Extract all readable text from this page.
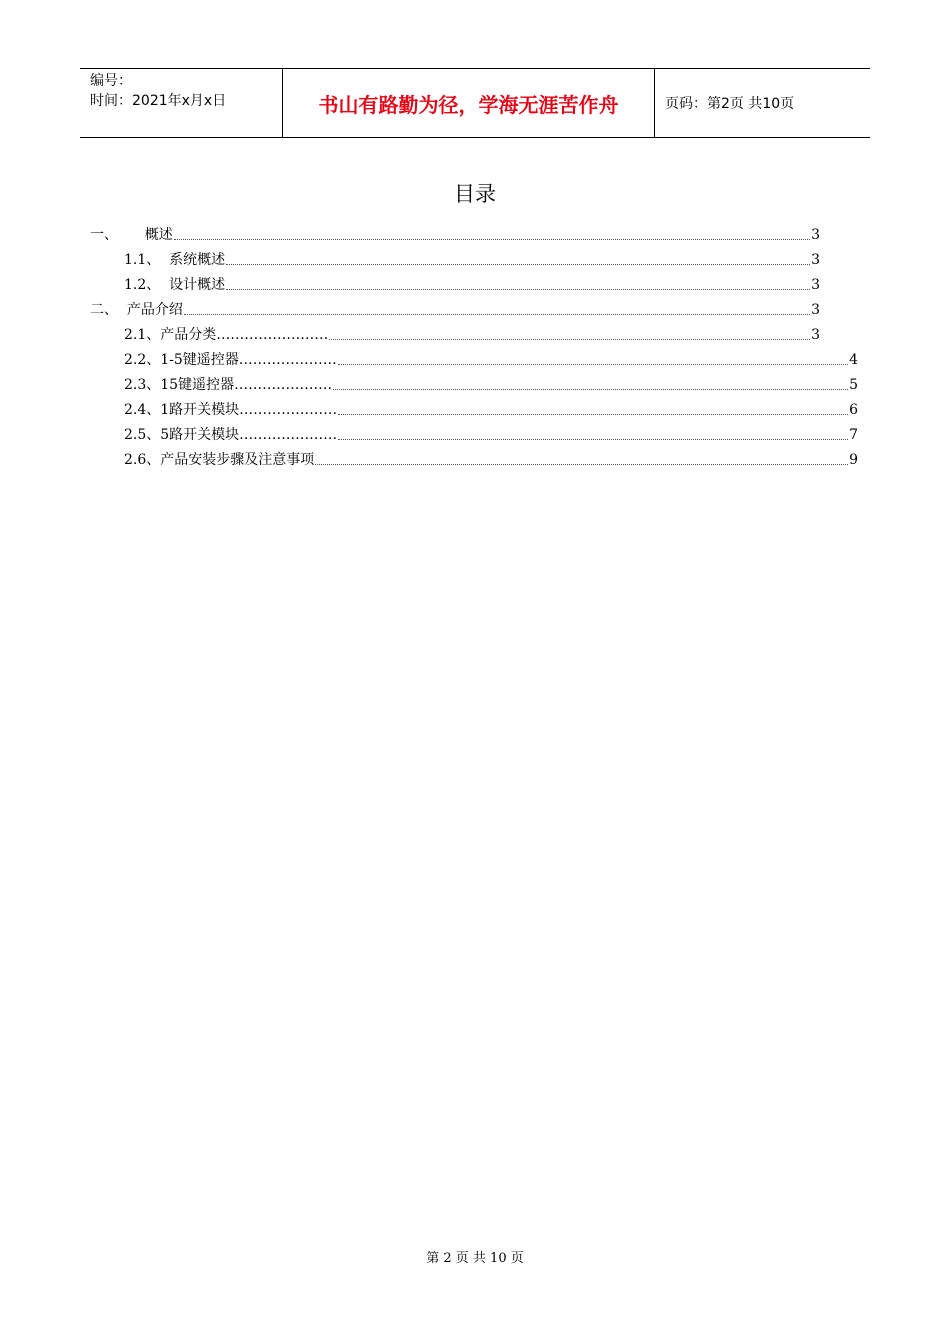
编号：
时间：2021年x月x日	书山有路勤为径，学海无涯苦作舟	页码：第2页 共10页
目录
一、      概述	3
1.1、  系统概述	3
1.2、  设计概述	3
二、  产品介绍	3
2.1、产品分类……………………	3
2.2、1-5键遥控器…………………	4
2.3、15键遥控器…………………	5
2.4、1路开关模块…………………	6
2.5、5路开关模块…………………	7
2.6、产品安装步骤及注意事项	9
第 2 页 共 10 页
